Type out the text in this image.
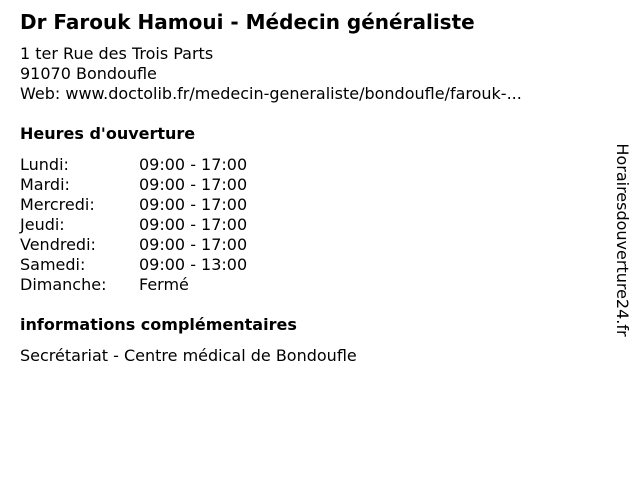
Dr Farouk Hamoui - Médecin généraliste
1 ter Rue des Trois Parts
91070 Bondoufle
Web: www.doctolib.fr/medecin-generaliste/bondoufle/farouk-...
Heures d'ouverture
Lundi:	09:00 - 17:00
Mardi:	09:00 - 17:00
Mercredi:	09:00 - 17:00
Jeudi:	09:00 - 17:00
Vendredi:	09:00 - 17:00
Samedi:	09:00 - 13:00
Dimanche:	Fermé
informations complémentaires
Secrétariat - Centre médical de Bondoufle
Horairesdouverture24.fr
